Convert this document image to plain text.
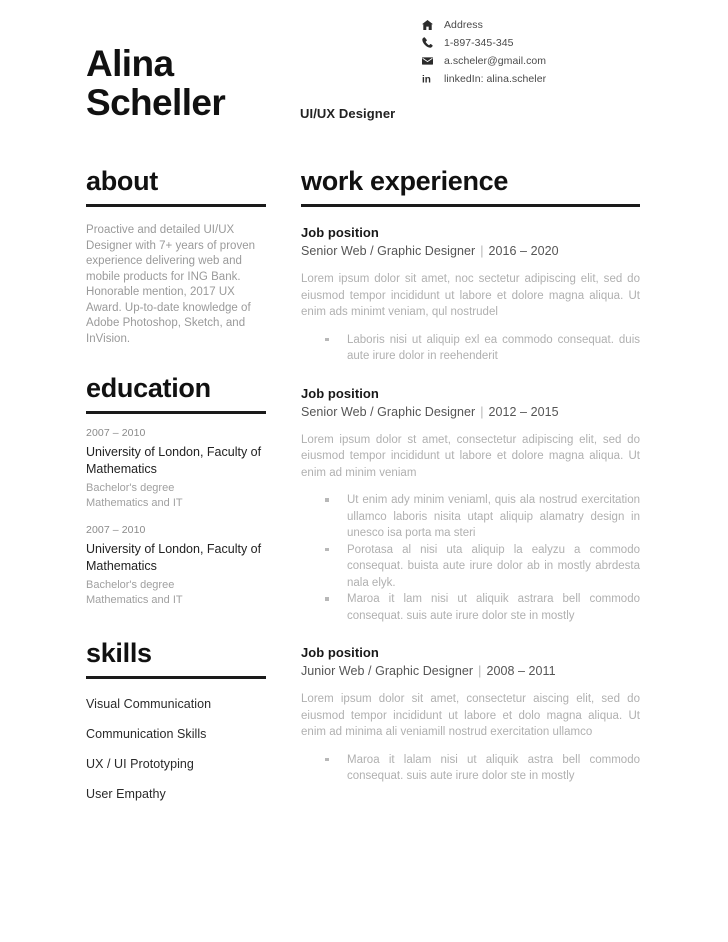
Alina
Scheller	UI/UX Designer
Address
1-897-345-345
a.scheler@gmail.com
in linkedIn: alina.scheler
about
Proactive and detailed UI/UX Designer with 7+ years of proven experience delivering web and mobile products for ING Bank. Honorable mention, 2017 UX Award. Up-to-date knowledge of Adobe Photoshop, Sketch, and InVision.
education
2007 – 2010
University of London, Faculty of Mathematics
Bachelor's degree
Mathematics and IT
2007 – 2010
University of London, Faculty of Mathematics
Bachelor's degree
Mathematics and IT
skills
Visual Communication
Communication Skills
UX / UI Prototyping
User Empathy
work experience
Job position
Senior Web / Graphic Designer | 2016 – 2020
Lorem ipsum dolor sit amet, noc sectetur adipiscing elit, sed do eiusmod tempor incididunt ut labore et dolore magna aliqua. Ut enim ads minimt veniam, qul nostrudel
Laboris nisi ut aliquip exl ea commodo consequat. duis aute irure dolor in reehenderit
Job position
Senior Web / Graphic Designer | 2012 – 2015
Lorem ipsum dolor st amet, consectetur adipiscing elit, sed do eiusmod tempor incididunt ut labore et dolore magna aliqua. Ut enim ad minim veniam
Ut enim ady minim veniaml, quis ala nostrud exercitation ullamco laboris nisita utapt aliquip alamatry design in unesco isa porta ma steri
Porotasa al nisi uta aliquip la ealyzu a commodo consequat. buista aute irure dolor ab in mostly abrdesta nala elyk.
Maroa it lam nisi ut aliquik astrara bell commodo consequat. suis aute irure dolor ste in mostly
Job position
Junior Web / Graphic Designer | 2008 – 2011
Lorem ipsum dolor sit amet, consectetur aiscing elit, sed do eiusmod tempor incididunt ut labore et dolo magna aliqua. Ut enim ad minima ali veniamill nostrud exercitation ullamco
Maroa it lalam nisi ut aliquik astra bell commodo consequat. suis aute irure dolor ste in mostly
